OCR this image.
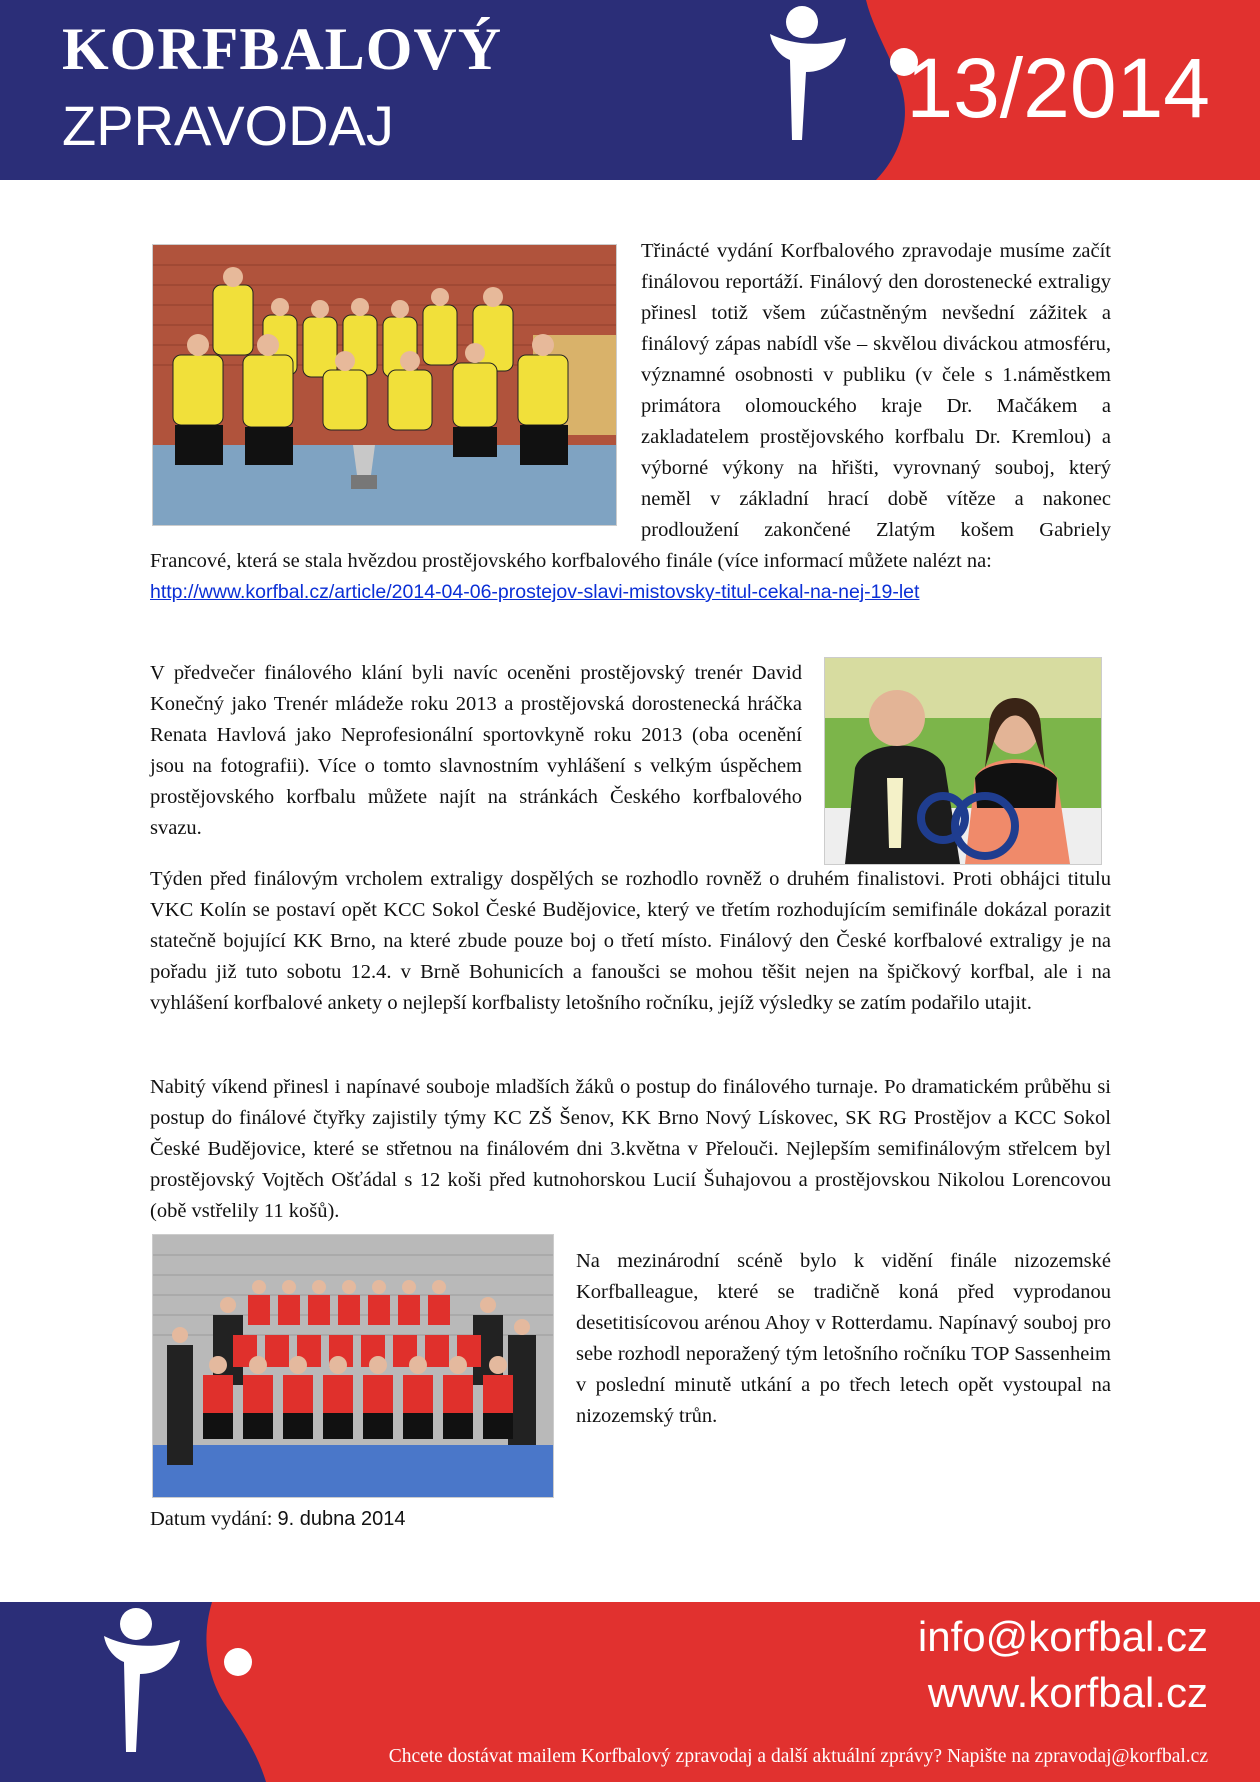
KORFBALOVÝ
ZPRAVODAJ	13/2014
Třinácté vydání Korfbalového zpravodaje musíme začít finálovou reportáží. Finálový den dorostenecké extraligy přinesl totiž všem zúčastněným nevšední zážitek a finálový zápas nabídl vše – skvělou diváckou atmosféru, významné osobnosti v publiku (v čele s 1.náměstkem primátora olomouckého kraje Dr. Mačákem a zakladatelem prostějovského korfbalu Dr. Kremlou) a výborné výkony na hřišti, vyrovnaný souboj, který neměl v základní hrací době vítěze a nakonec prodloužení zakončené Zlatým košem Gabriely Francové, která se stala hvězdou prostějovského korfbalového finále (více informací můžete nalézt na:
http://www.korfbal.cz/article/2014-04-06-prostejov-slavi-mistovsky-titul-cekal-na-nej-19-let
V předvečer finálového klání byli navíc oceněni prostějovský trenér David Konečný jako Trenér mládeže roku 2013 a prostějovská dorostenecká hráčka Renata Havlová jako Neprofesionální sportovkyně roku 2013 (oba ocenění jsou na fotografii). Více o tomto slavnostním vyhlášení s velkým úspěchem prostějovského korfbalu můžete najít na stránkách Českého korfbalového svazu.
Týden před finálovým vrcholem extraligy dospělých se rozhodlo rovněž o druhém finalistovi. Proti obhájci titulu VKC Kolín se postaví opět KCC Sokol České Budějovice, který ve třetím rozhodujícím semifinále dokázal porazit statečně bojující KK Brno, na které zbude pouze boj o třetí místo. Finálový den České korfbalové extraligy je na pořadu již tuto sobotu 12.4. v Brně Bohunicích a fanoušci se mohou těšit nejen na špičkový korfbal, ale i na vyhlášení korfbalové ankety o nejlepší korfbalisty letošního ročníku, jejíž výsledky se zatím podařilo utajit.
Nabitý víkend přinesl i napínavé souboje mladších žáků o postup do finálového turnaje. Po dramatickém průběhu si postup do finálové čtyřky zajistily týmy KC ZŠ Šenov, KK Brno Nový Lískovec, SK RG Prostějov a KCC Sokol České Budějovice, které se střetnou na finálovém dni 3.května v Přelouči. Nejlepším semifinálovým střelcem byl prostějovský Vojtěch Ošťádal s 12 koši před kutnohorskou Lucií Šuhajovou a prostějovskou Nikolou Lorencovou (obě vstřelily 11 košů).
Na mezinárodní scéně bylo k vidění finále nizozemské Korfballeague, které se tradičně koná před vyprodanou desetitisícovou arénou Ahoy v Rotterdamu. Napínavý souboj pro sebe rozhodl neporažený tým letošního ročníku TOP Sassenheim v poslední minutě utkání a po třech letech opět vystoupal na nizozemský trůn.
Datum vydání: 9. dubna 2014
info@korfbal.cz
www.korfbal.cz
Chcete dostávat mailem Korfbalový zpravodaj a další aktuální zprávy? Napište na zpravodaj@korfbal.cz
